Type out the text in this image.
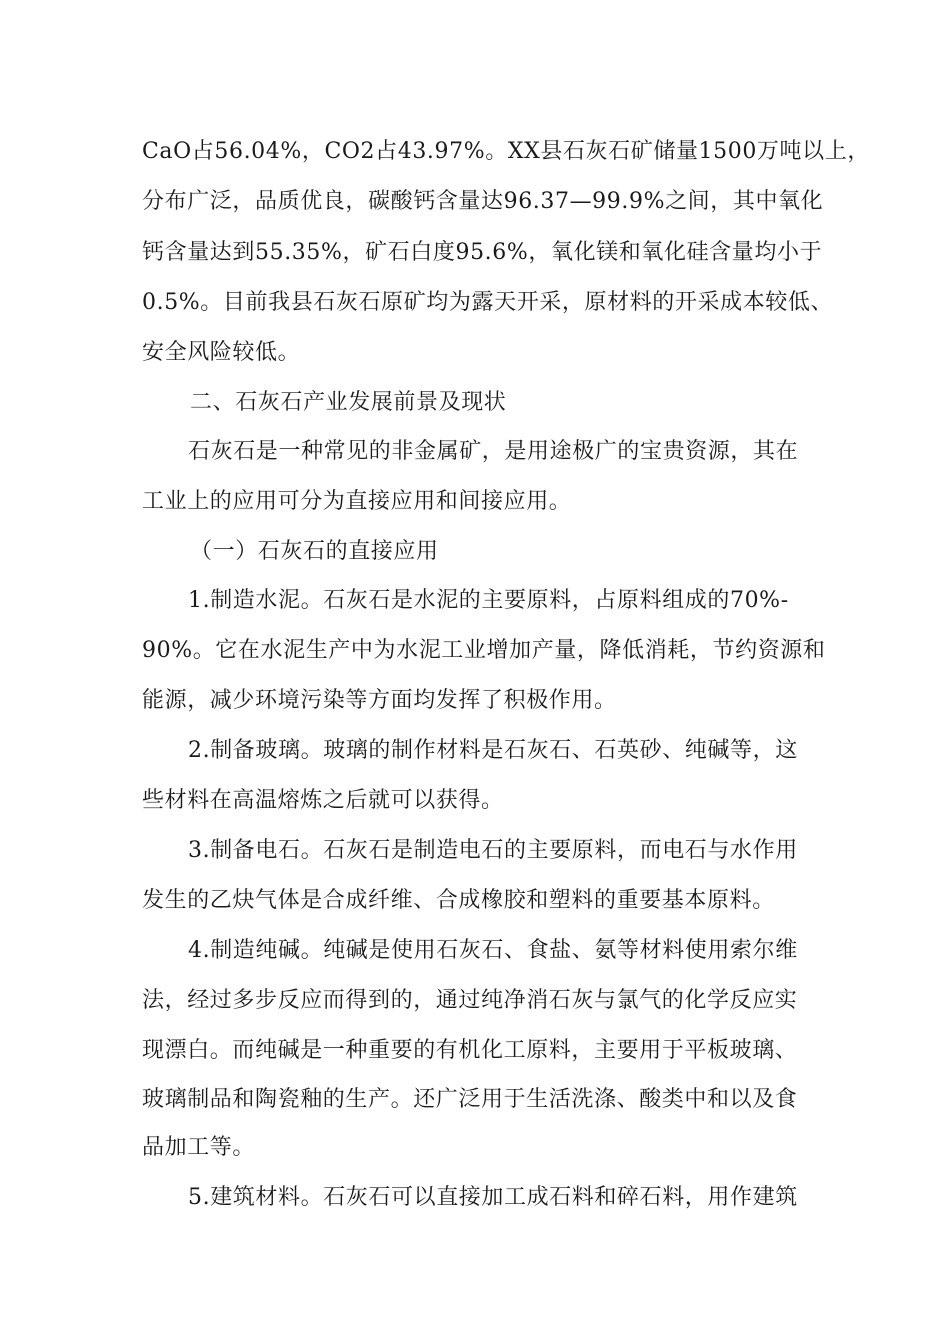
CaO占56.04%，CO2占43.97%。XX县石灰石矿储量1500万吨以上，
分布广泛，品质优良，碳酸钙含量达96.37—99.9%之间，其中氧化
钙含量达到55.35%，矿石白度95.6%，氧化镁和氧化硅含量均小于
0.5%。目前我县石灰石原矿均为露天开采，原材料的开采成本较低、
安全风险较低。
二、石灰石产业发展前景及现状
石灰石是一种常见的非金属矿，是用途极广的宝贵资源，其在
工业上的应用可分为直接应用和间接应用。
（一）石灰石的直接应用
1.制造水泥。石灰石是水泥的主要原料，占原料组成的70%-
90%。它在水泥生产中为水泥工业增加产量，降低消耗，节约资源和
能源，减少环境污染等方面均发挥了积极作用。
2.制备玻璃。玻璃的制作材料是石灰石、石英砂、纯碱等，这
些材料在高温熔炼之后就可以获得。
3.制备电石。石灰石是制造电石的主要原料，而电石与水作用
发生的乙炔气体是合成纤维、合成橡胶和塑料的重要基本原料。
4.制造纯碱。纯碱是使用石灰石、食盐、氨等材料使用索尔维
法，经过多步反应而得到的，通过纯净消石灰与氯气的化学反应实
现漂白。而纯碱是一种重要的有机化工原料，主要用于平板玻璃、
玻璃制品和陶瓷釉的生产。还广泛用于生活洗涤、酸类中和以及食
品加工等。
5.建筑材料。石灰石可以直接加工成石料和碎石料，用作建筑
